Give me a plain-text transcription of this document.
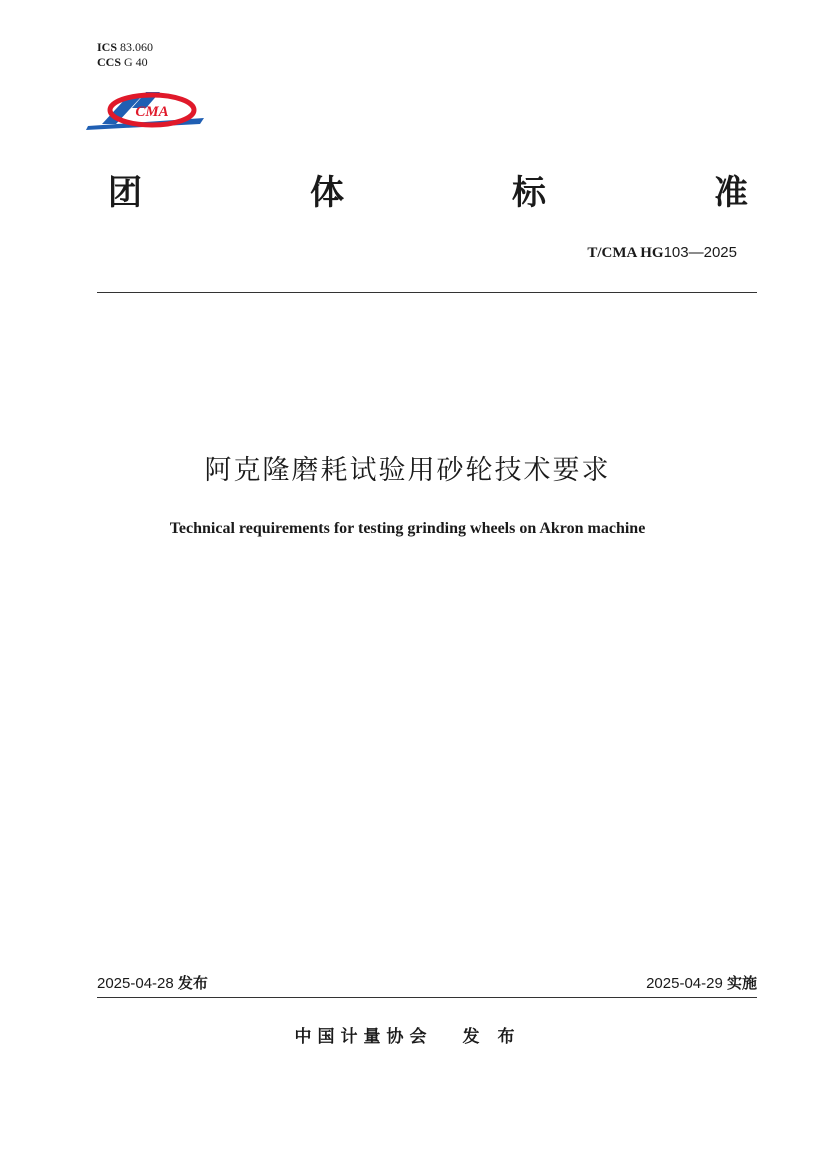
ICS 83.060
CCS G 40
CMA
团	体	标	准
T/CMA HG103—2025
阿克隆磨耗试验用砂轮技术要求
Technical requirements for testing grinding wheels on Akron machine
2025-04-28 发布	2025-04-29 实施
中国计量协会 发 布
